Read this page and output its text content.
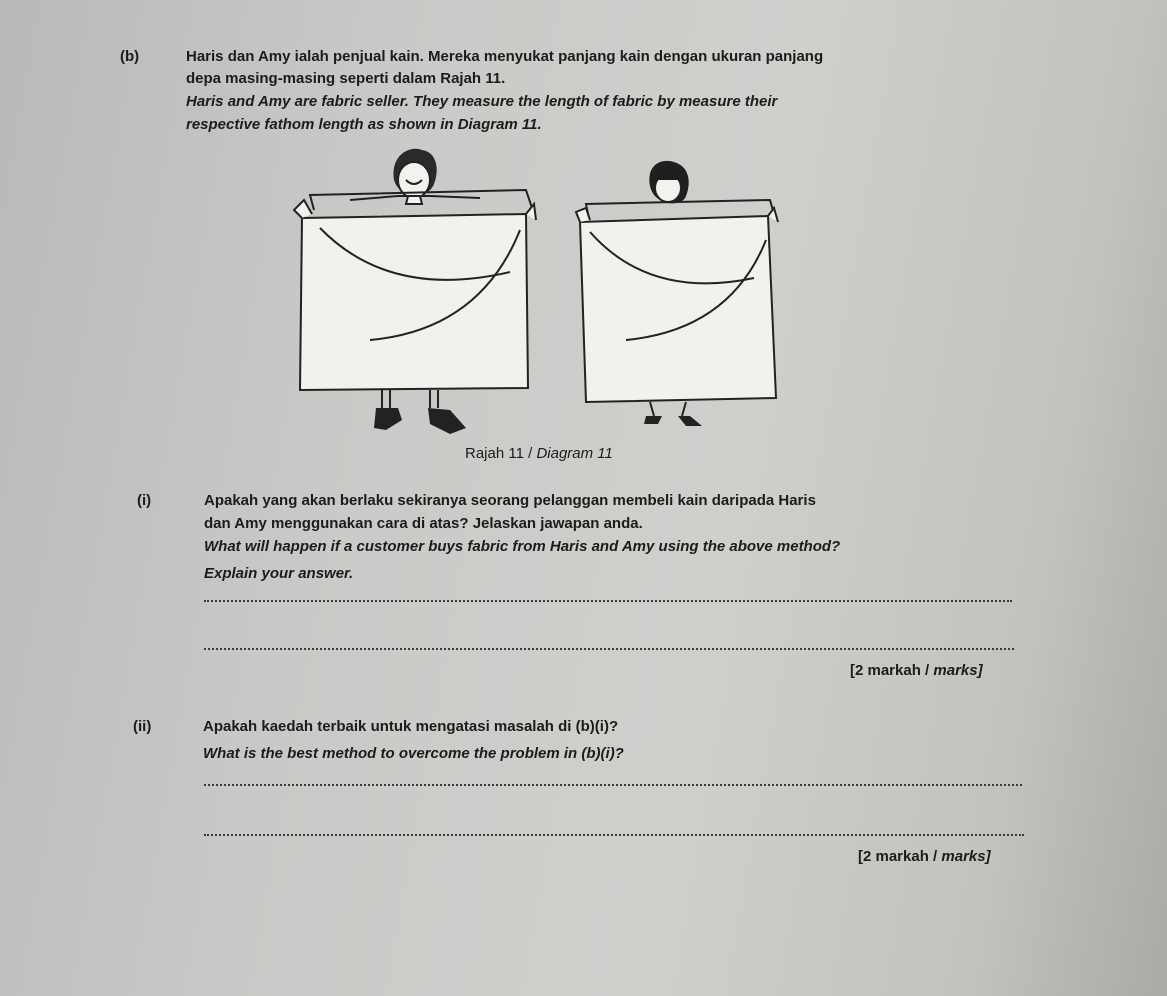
(b)	Haris dan Amy ialah penjual kain. Mereka menyukat panjang kain dengan ukuran panjang
depa masing-masing seperti dalam Rajah 11.
Haris and Amy are fabric seller. They measure the length of fabric by measure their
respective fathom length as shown in Diagram 11.
Rajah 11 / Diagram 11
(i)	Apakah yang akan berlaku sekiranya seorang pelanggan membeli kain daripada Haris
dan Amy menggunakan cara di atas? Jelaskan jawapan anda.
What will happen if a customer buys fabric from Haris and Amy using the above method?
Explain your answer.
[2 markah / marks]
(ii)	Apakah kaedah terbaik untuk mengatasi masalah di (b)(i)?
What is the best method to overcome the problem in (b)(i)?
[2 markah / marks]
